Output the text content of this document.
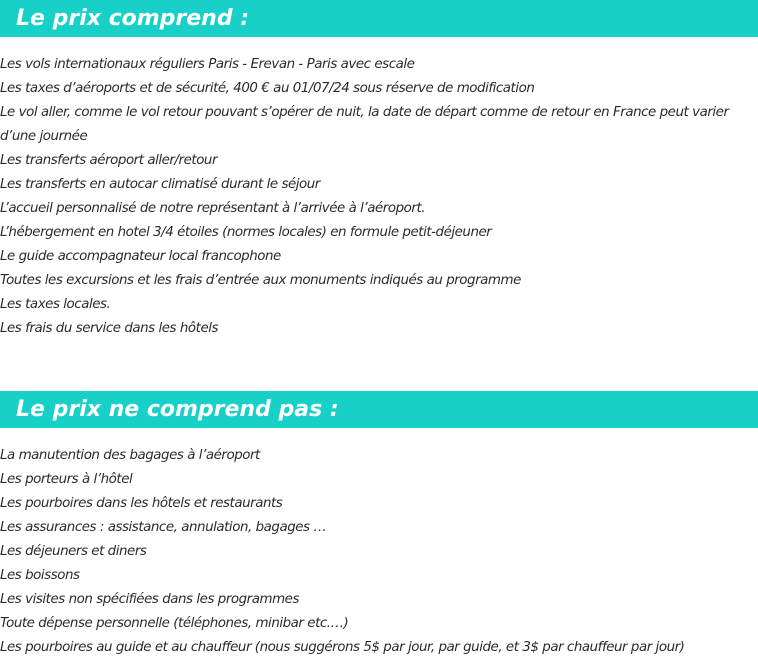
Le prix comprend :
Les vols internationaux réguliers Paris - Erevan - Paris avec escale
Les taxes d’aéroports et de sécurité, 400 € au 01/07/24 sous réserve de modification
Le vol aller, comme le vol retour pouvant s’opérer de nuit, la date de départ comme de retour en France peut varier d’une journée
Les transferts aéroport aller/retour
Les transferts en autocar climatisé durant le séjour
L’accueil personnalisé de notre représentant à l’arrivée à l’aéroport.
L’hébergement en hotel 3/4 étoiles (normes locales) en formule petit-déjeuner
Le guide accompagnateur local francophone
Toutes les excursions et les frais d’entrée aux monuments indiqués au programme
Les taxes locales.
Les frais du service dans les hôtels
Le prix ne comprend pas :
La manutention des bagages à l’aéroport
Les porteurs à l’hôtel
Les pourboires dans les hôtels et restaurants
Les assurances : assistance, annulation, bagages …
Les déjeuners et diners
Les boissons
Les visites non spécifiées dans les programmes
Toute dépense personnelle (téléphones, minibar etc.…)
Les pourboires au guide et au chauffeur (nous suggérons 5$ par jour, par guide, et 3$ par chauffeur par jour)
